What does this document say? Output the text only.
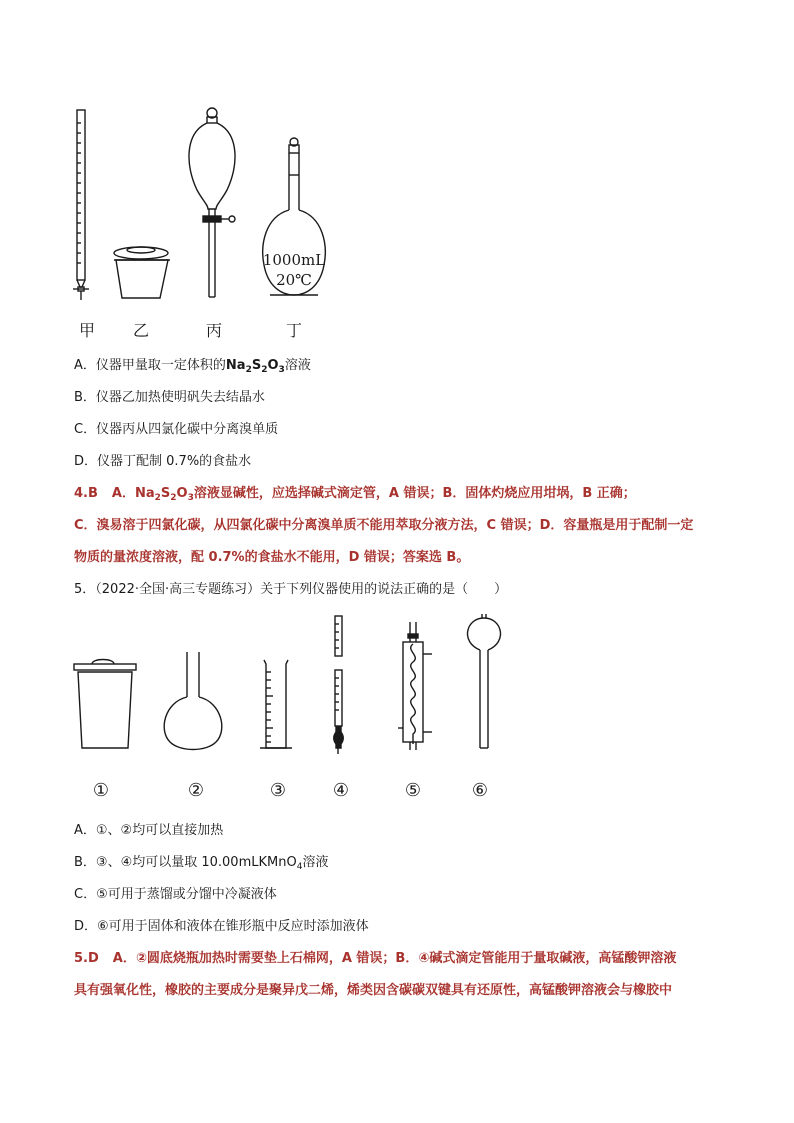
1000mL
20℃
甲	乙	丙	丁
A．仪器甲量取一定体积的$Na_2S_2O_3$溶液
B．仪器乙加热使明矾失去结晶水
C．仪器丙从四氯化碳中分离溴单质
D．仪器丁配制 0.7%的食盐水
4.B A．$Na_2S_2O_3$溶液显碱性，应选择碱式滴定管，A 错误；B．固体灼烧应用坩埚，B 正确；
C．溴易溶于四氯化碳，从四氯化碳中分离溴单质不能用萃取分液方法，C 错误；D．容量瓶是用于配制一定
物质的量浓度溶液，配 0.7%的食盐水不能用，D 错误；答案选 B。
5．（2022·全国·高三专题练习）关于下列仪器使用的说法正确的是（　　）
①	②	③	④	⑤	⑥
A．①、②均可以直接加热
B．③、④均可以量取 10.00mLKMnO$_4$溶液
C．⑤可用于蒸馏或分馏中冷凝液体
D．⑥可用于固体和液体在锥形瓶中反应时添加液体
5.D A．②圆底烧瓶加热时需要垫上石棉网，A 错误；B．④碱式滴定管能用于量取碱液，高锰酸钾溶液
具有强氧化性，橡胶的主要成分是聚异戊二烯，烯类因含碳碳双键具有还原性，高锰酸钾溶液会与橡胶中
